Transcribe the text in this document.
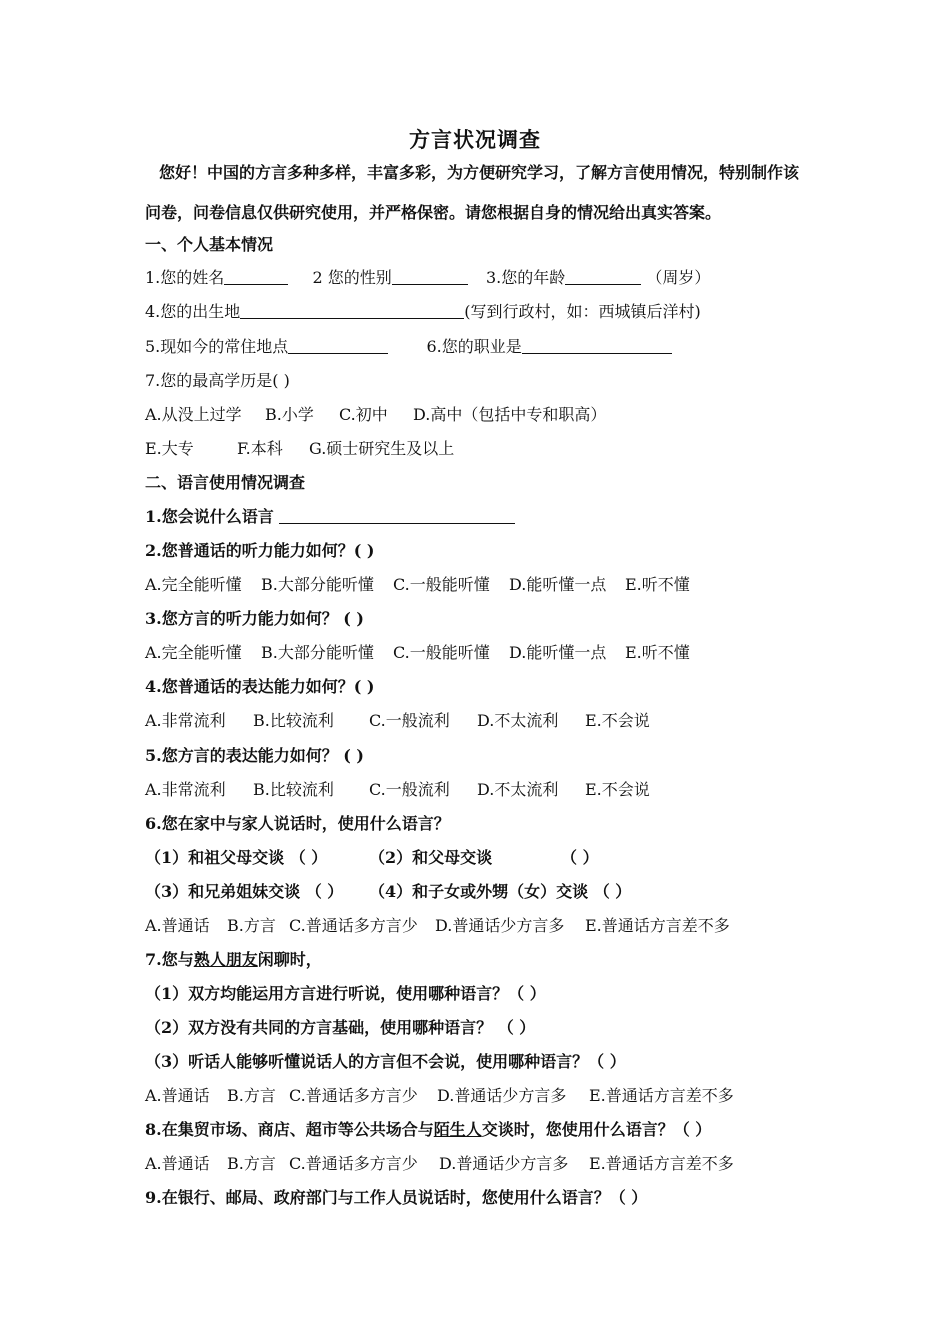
方言状况调查
您好！中国的方言多种多样，丰富多彩，为方便研究学习，了解方言使用情况，特别制作该
问卷，问卷信息仅供研究使用，并严格保密。请您根据自身的情况给出真实答案。
一、个人基本情况
1.您的姓名	2 您的性别	3.您的年龄	（周岁）
4.您的出生地	(写到行政村，如：西城镇后洋村)
5.现如今的常住地点	6.您的职业是
7.您的最高学历是( )
A.从没上过学 B.小学 C.初中 D.高中（包括中专和职高）
E.大专	F.本科 G.硕士研究生及以上
二、语言使用情况调查
1.您会说什么语言
2.您普通话的听力能力如何？( )
A.完全能听懂 B.大部分能听懂 C.一般能听懂 D.能听懂一点 E.听不懂
3.您方言的听力能力如何？ ( )
A.完全能听懂 B.大部分能听懂 C.一般能听懂 D.能听懂一点 E.听不懂
4.您普通话的表达能力如何？( )
A.非常流利 B.比较流利 C.一般流利 D.不太流利 E.不会说
5.您方言的表达能力如何？ ( )
A.非常流利 B.比较流利 C.一般流利 D.不太流利 E.不会说
6.您在家中与家人说话时，使用什么语言？
（1）和祖父母交谈 （ ）	（2）和父母交谈	（ ）
（3）和兄弟姐妹交谈 （ ） （4）和子女或外甥（女）交谈 （ ）
A.普通话 B.方言 C.普通话多方言少 D.普通话少方言多 E.普通话方言差不多
7.您与熟人朋友闲聊时，
（1）双方均能运用方言进行听说，使用哪种语言？（ ）
（2）双方没有共同的方言基础，使用哪种语言？ （ ）
（3）听话人能够听懂说话人的方言但不会说，使用哪种语言？（ ）
A.普通话 B.方言 C.普通话多方言少 D.普通话少方言多 E.普通话方言差不多
8.在集贸市场、商店、超市等公共场合与陌生人交谈时，您使用什么语言？（ ）
A.普通话 B.方言 C.普通话多方言少 D.普通话少方言多 E.普通话方言差不多
9.在银行、邮局、政府部门与工作人员说话时，您使用什么语言？（ ）
